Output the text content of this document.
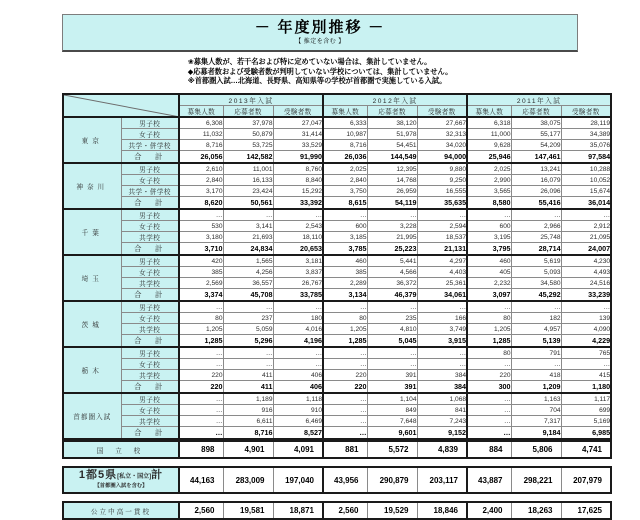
－ 年度別推移 －
【 推定を含む 】
❀募集人数が、若干名および特に定めていない場合は、集計していません。
◆応募者数および受験者数が判明していない学校については、集計していません。
※首都圏入試…北海道、長野県、高知県等の学校が首都圏で実施している入試。
	2013年入試			2012年入試			2011年入試		
		募集人数	応募者数	受験者数	募集人数	応募者数	受験者数	募集人数	応募者数	受験者数
東京	男子校	6,308	37,978	27,047	6,333	38,120	27,667	6,318	38,075	28,119
	女子校	11,032	50,879	31,414	10,987	51,978	32,313	11,000	55,177	34,389
	共学・併学校	8,716	53,725	33,529	8,716	54,451	34,020	9,628	54,209	35,076
	合　計	26,056	142,582	91,990	26,036	144,549	94,000	25,946	147,461	97,584
神奈川	男子校	2,610	11,001	8,760	2,025	12,395	9,880	2,025	13,241	10,288
	女子校	2,840	16,133	8,840	2,840	14,768	9,250	2,990	16,079	10,052
	共学・併学校	3,170	23,424	15,292	3,750	26,959	16,555	3,565	26,096	15,674
	合　計	8,620	50,561	33,392	8,615	54,119	35,635	8,580	55,416	36,014
千葉	男子校	…	…	…	…	…	…	…	…	…
	女子校	530	3,141	2,543	600	3,228	2,594	600	2,966	2,912
	共学校	3,180	21,693	18,110	3,185	21,995	18,537	3,195	25,748	21,095
	合　計	3,710	24,834	20,653	3,785	25,223	21,131	3,795	28,714	24,007
埼玉	男子校	420	1,565	3,181	460	5,441	4,297	460	5,619	4,230
	女子校	385	4,256	3,837	385	4,566	4,403	405	5,093	4,493
	共学校	2,569	36,557	26,767	2,289	36,372	25,361	2,232	34,580	24,516
	合　計	3,374	45,708	33,785	3,134	46,379	34,061	3,097	45,292	33,239
茨城	男子校	…	…	…	…	…	…	…	…	…
	女子校	80	237	180	80	235	166	80	182	139
	共学校	1,205	5,059	4,016	1,205	4,810	3,749	1,205	4,957	4,090
	合　計	1,285	5,296	4,196	1,285	5,045	3,915	1,285	5,139	4,229
栃木	男子校	…	…	…	…	…	…	80	791	765
	女子校	…	…	…	…	…	…	…	…	…
	共学校	220	411	406	220	391	384	220	418	415
	合　計	220	411	406	220	391	384	300	1,209	1,180
首都圏入試	男子校	…	1,189	1,118	…	1,104	1,068	…	1,163	1,117
	女子校	…	916	910	…	849	841	…	704	699
	共学校	…	6,611	6,469	…	7,648	7,243	…	7,317	5,169
	合　計	…	8,716	8,527	…	9,601	9,152	…	9,184	6,985
国 立 校	898	4,901	4,091	881	5,572	4,839	884	5,806	4,741

1都5県[私立・国立]計
【首都圏入試を含む】	44,163	283,009	197,040	43,956	290,879	203,117	43,887	298,221	207,979

公立中高一貫校	2,560	19,581	18,871	2,560	19,529	18,846	2,400	18,263	17,625
